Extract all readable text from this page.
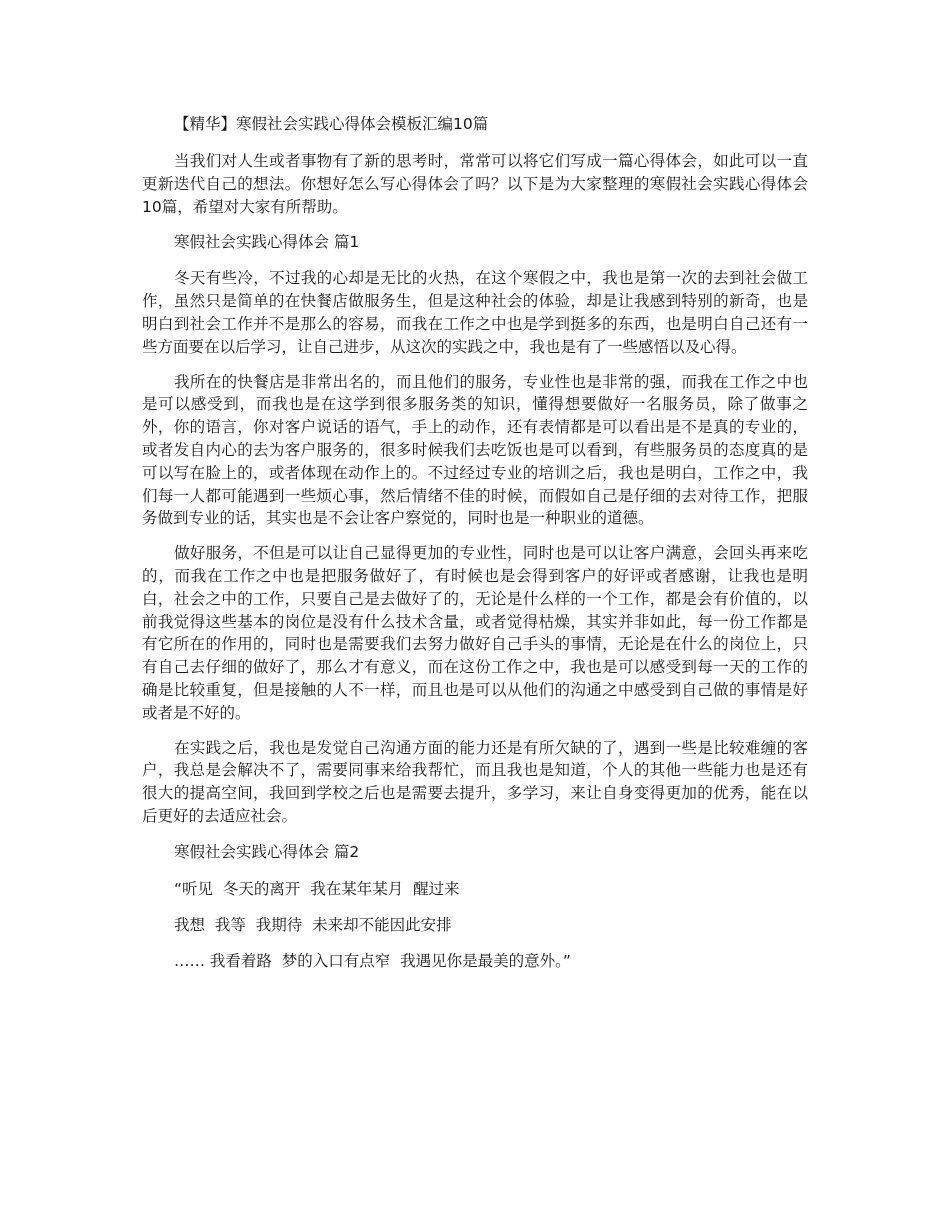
【精华】寒假社会实践心得体会模板汇编10篇

当我们对人生或者事物有了新的思考时，常常可以将它们写成一篇心得体会，如此可以一直更新迭代自己的想法。你想好怎么写心得体会了吗？以下是为大家整理的寒假社会实践心得体会10篇，希望对大家有所帮助。

寒假社会实践心得体会 篇1

冬天有些冷，不过我的心却是无比的火热，在这个寒假之中，我也是第一次的去到社会做工作，虽然只是简单的在快餐店做服务生，但是这种社会的体验，却是让我感到特别的新奇，也是明白到社会工作并不是那么的容易，而我在工作之中也是学到挺多的东西，也是明白自己还有一些方面要在以后学习，让自己进步，从这次的实践之中，我也是有了一些感悟以及心得。

我所在的快餐店是非常出名的，而且他们的服务，专业性也是非常的强，而我在工作之中也是可以感受到，而我也是在这学到很多服务类的知识，懂得想要做好一名服务员，除了做事之外，你的语言，你对客户说话的语气，手上的动作，还有表情都是可以看出是不是真的专业的，或者发自内心的去为客户服务的，很多时候我们去吃饭也是可以看到，有些服务员的态度真的是可以写在脸上的，或者体现在动作上的。不过经过专业的培训之后，我也是明白，工作之中，我们每一人都可能遇到一些烦心事，然后情绪不佳的时候，而假如自己是仔细的去对待工作，把服务做到专业的话，其实也是不会让客户察觉的，同时也是一种职业的道德。

做好服务，不但是可以让自己显得更加的专业性，同时也是可以让客户满意，会回头再来吃的，而我在工作之中也是把服务做好了，有时候也是会得到客户的好评或者感谢，让我也是明白，社会之中的工作，只要自己是去做好了的，无论是什么样的一个工作，都是会有价值的，以前我觉得这些基本的岗位是没有什么技术含量，或者觉得枯燥，其实并非如此，每一份工作都是有它所在的作用的，同时也是需要我们去努力做好自己手头的事情，无论是在什么的岗位上，只有自己去仔细的做好了，那么才有意义，而在这份工作之中，我也是可以感受到每一天的工作的确是比较重复，但是接触的人不一样，而且也是可以从他们的沟通之中感受到自己做的事情是好或者是不好的。

在实践之后，我也是发觉自己沟通方面的能力还是有所欠缺的了，遇到一些是比较难缠的客户，我总是会解决不了，需要同事来给我帮忙，而且我也是知道，个人的其他一些能力也是还有很大的提高空间，我回到学校之后也是需要去提升，多学习，来让自身变得更加的优秀，能在以后更好的去适应社会。

寒假社会实践心得体会 篇2

“听见  冬天的离开  我在某年某月  醒过来

我想  我等  我期待  未来却不能因此安排

…… 我看着路  梦的入口有点窄  我遇见你是最美的意外。”
